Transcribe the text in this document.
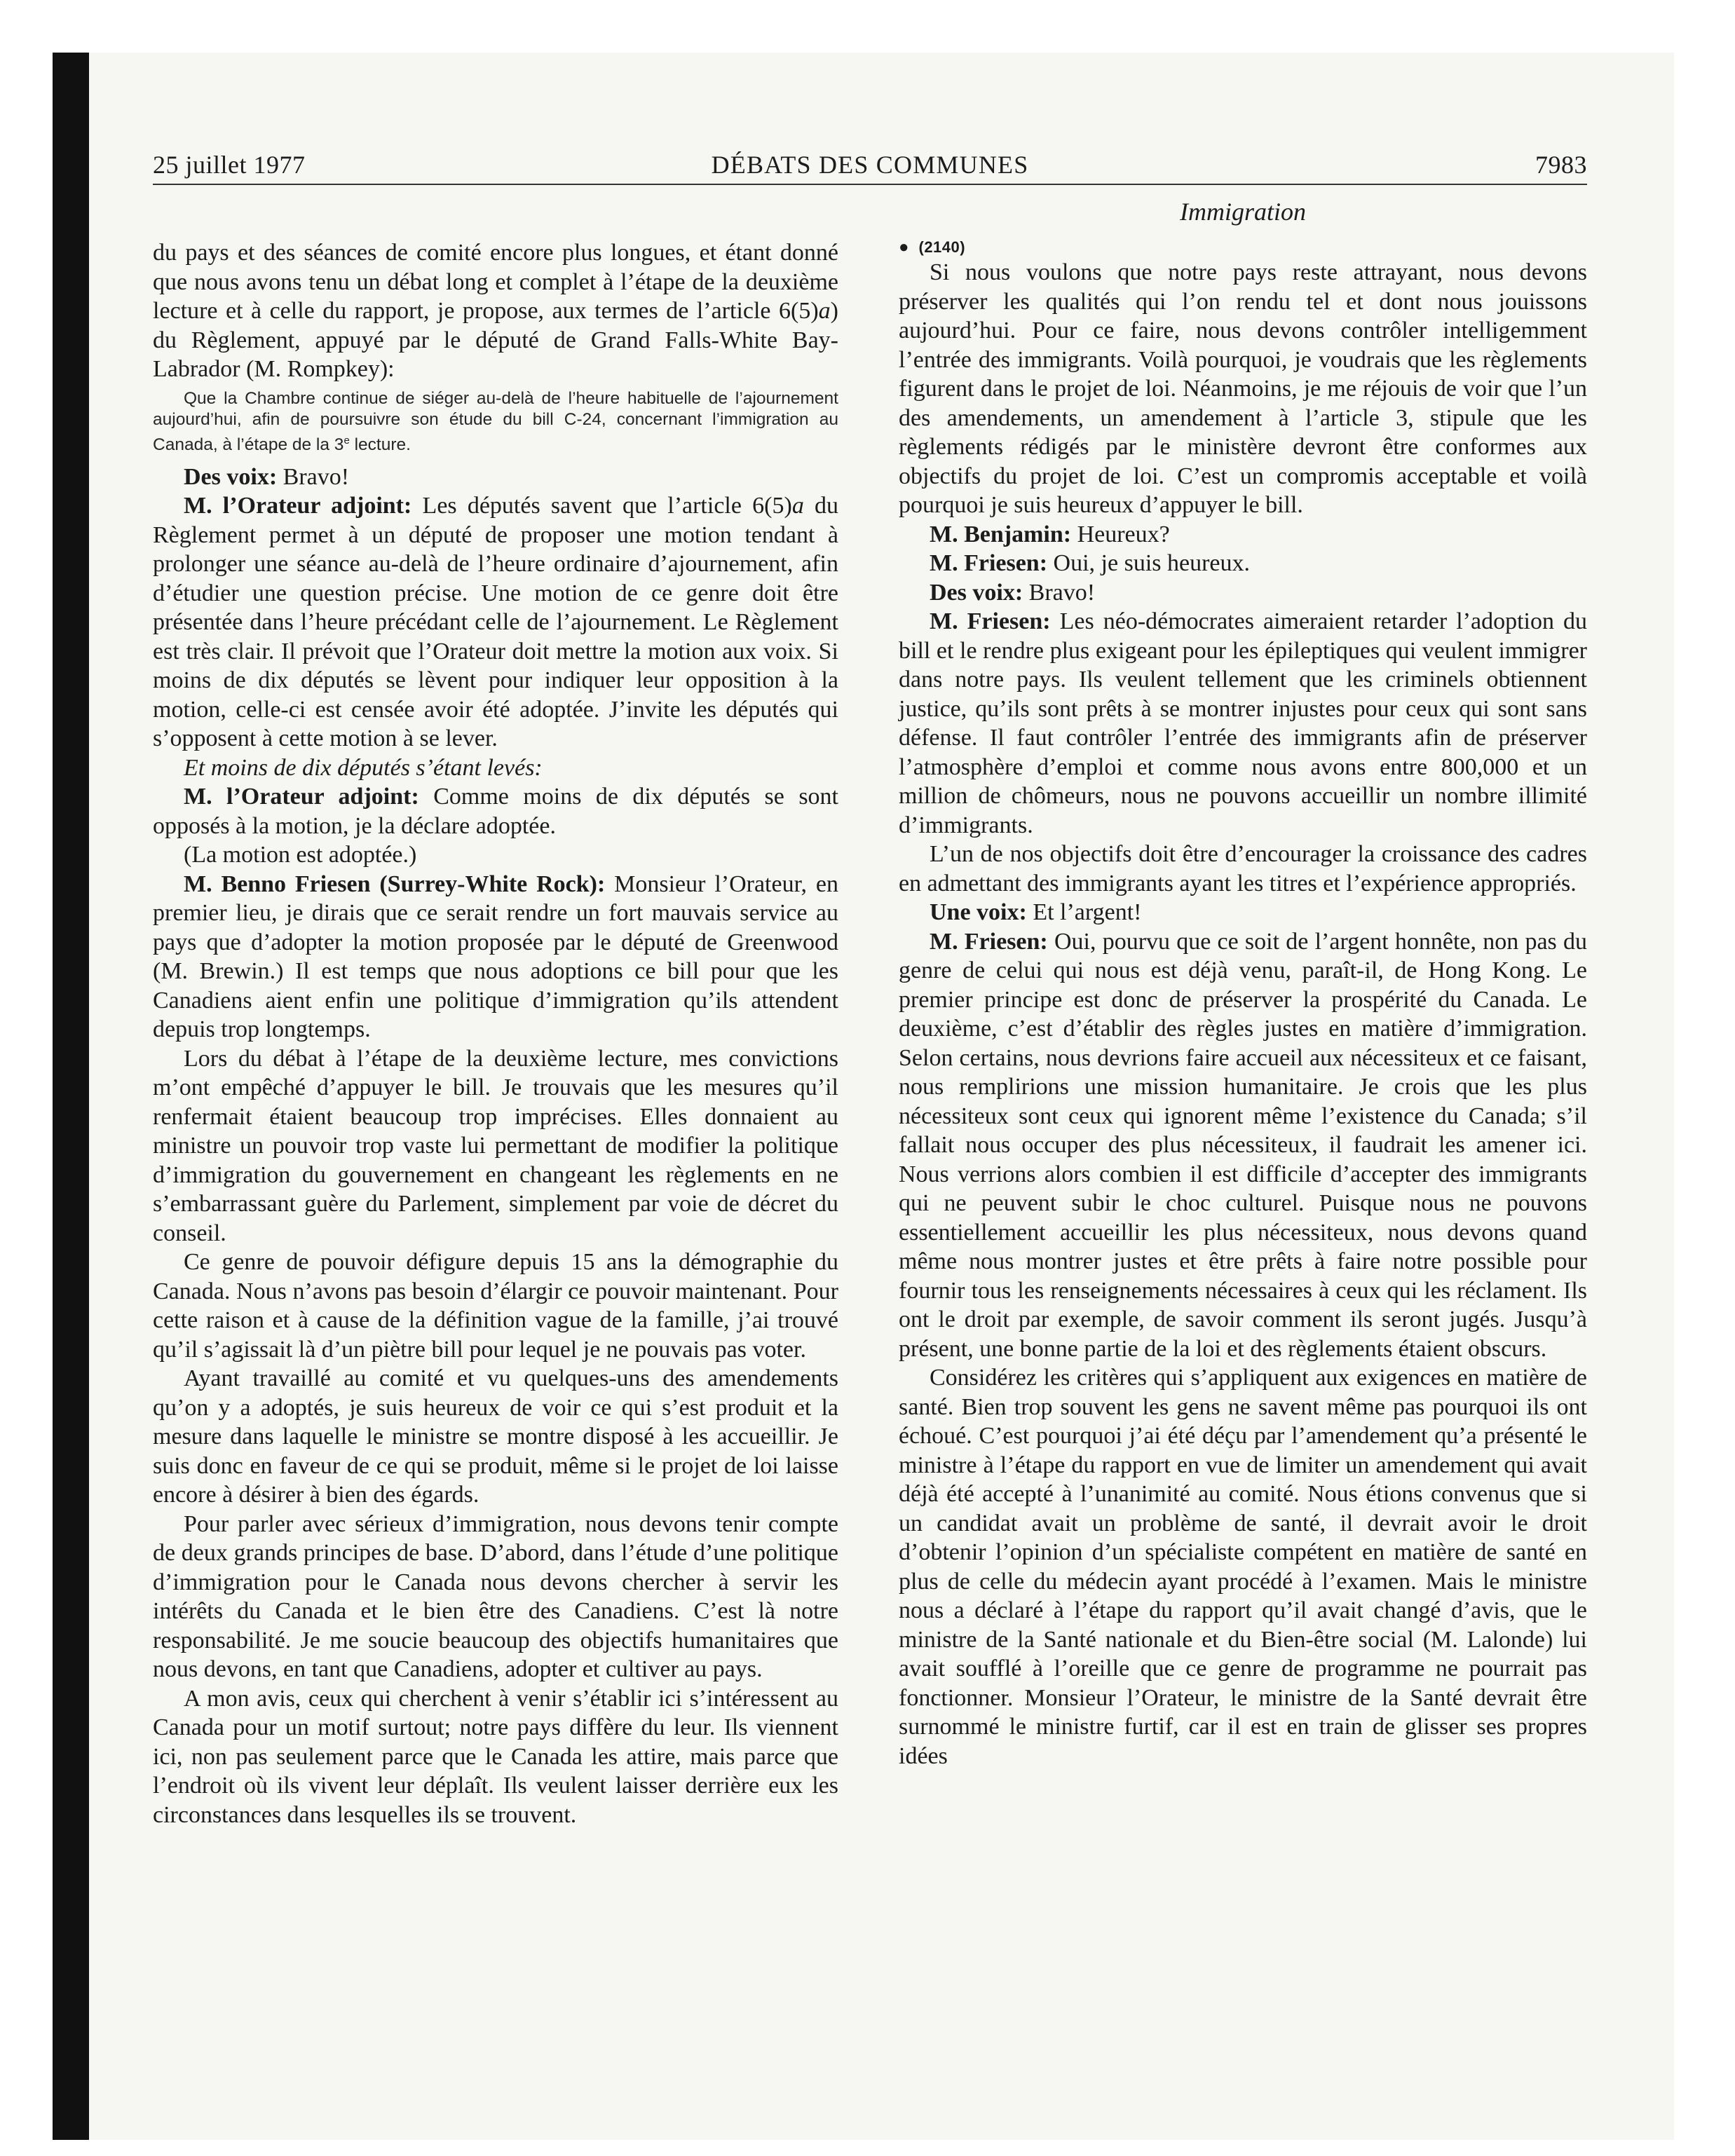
25 juillet 1977	DÉBATS DES COMMUNES	7983

du pays et des séances de comité encore plus longues, et étant donné que nous avons tenu un débat long et complet à l’étape de la deuxième lecture et à celle du rapport, je propose, aux termes de l’article 6(5)a) du Règlement, appuyé par le député de Grand Falls-White Bay-Labrador (M. Rompkey):

Que la Chambre continue de siéger au-delà de l’heure habituelle de l’ajournement aujourd’hui, afin de poursuivre son étude du bill C-24, concernant l’immigration au Canada, à l’étape de la 3e lecture.

Des voix: Bravo!

M. l’Orateur adjoint: Les députés savent que l’article 6(5)a du Règlement permet à un député de proposer une motion tendant à prolonger une séance au-delà de l’heure ordinaire d’ajournement, afin d’étudier une question précise. Une motion de ce genre doit être présentée dans l’heure précédant celle de l’ajournement. Le Règlement est très clair. Il prévoit que l’Orateur doit mettre la motion aux voix. Si moins de dix députés se lèvent pour indiquer leur opposition à la motion, celle-ci est censée avoir été adoptée. J’invite les députés qui s’opposent à cette motion à se lever.

Et moins de dix députés s’étant levés:

M. l’Orateur adjoint: Comme moins de dix députés se sont opposés à la motion, je la déclare adoptée.

(La motion est adoptée.)

M. Benno Friesen (Surrey-White Rock): Monsieur l’Orateur, en premier lieu, je dirais que ce serait rendre un fort mauvais service au pays que d’adopter la motion proposée par le député de Greenwood (M. Brewin.) Il est temps que nous adoptions ce bill pour que les Canadiens aient enfin une politique d’immigration qu’ils attendent depuis trop longtemps.

Lors du débat à l’étape de la deuxième lecture, mes convictions m’ont empêché d’appuyer le bill. Je trouvais que les mesures qu’il renfermait étaient beaucoup trop imprécises. Elles donnaient au ministre un pouvoir trop vaste lui permettant de modifier la politique d’immigration du gouvernement en changeant les règlements en ne s’embarrassant guère du Parlement, simplement par voie de décret du conseil.

Ce genre de pouvoir défigure depuis 15 ans la démographie du Canada. Nous n’avons pas besoin d’élargir ce pouvoir maintenant. Pour cette raison et à cause de la définition vague de la famille, j’ai trouvé qu’il s’agissait là d’un piètre bill pour lequel je ne pouvais pas voter.

Ayant travaillé au comité et vu quelques-uns des amendements qu’on y a adoptés, je suis heureux de voir ce qui s’est produit et la mesure dans laquelle le ministre se montre disposé à les accueillir. Je suis donc en faveur de ce qui se produit, même si le projet de loi laisse encore à désirer à bien des égards.

Pour parler avec sérieux d’immigration, nous devons tenir compte de deux grands principes de base. D’abord, dans l’étude d’une politique d’immigration pour le Canada nous devons chercher à servir les intérêts du Canada et le bien être des Canadiens. C’est là notre responsabilité. Je me soucie beaucoup des objectifs humanitaires que nous devons, en tant que Canadiens, adopter et cultiver au pays.

A mon avis, ceux qui cherchent à venir s’établir ici s’intéressent au Canada pour un motif surtout; notre pays diffère du leur. Ils viennent ici, non pas seulement parce que le Canada les attire, mais parce que l’endroit où ils vivent leur déplaît. Ils veulent laisser derrière eux les circonstances dans lesquelles ils se trouvent.

Immigration

● (2140)

Si nous voulons que notre pays reste attrayant, nous devons préserver les qualités qui l’on rendu tel et dont nous jouissons aujourd’hui. Pour ce faire, nous devons contrôler intelligemment l’entrée des immigrants. Voilà pourquoi, je voudrais que les règlements figurent dans le projet de loi. Néanmoins, je me réjouis de voir que l’un des amendements, un amendement à l’article 3, stipule que les règlements rédigés par le ministère devront être conformes aux objectifs du projet de loi. C’est un compromis acceptable et voilà pourquoi je suis heureux d’appuyer le bill.

M. Benjamin: Heureux?

M. Friesen: Oui, je suis heureux.

Des voix: Bravo!

M. Friesen: Les néo-démocrates aimeraient retarder l’adoption du bill et le rendre plus exigeant pour les épileptiques qui veulent immigrer dans notre pays. Ils veulent tellement que les criminels obtiennent justice, qu’ils sont prêts à se montrer injustes pour ceux qui sont sans défense. Il faut contrôler l’entrée des immigrants afin de préserver l’atmosphère d’emploi et comme nous avons entre 800,000 et un million de chômeurs, nous ne pouvons accueillir un nombre illimité d’immigrants.

L’un de nos objectifs doit être d’encourager la croissance des cadres en admettant des immigrants ayant les titres et l’expérience appropriés.

Une voix: Et l’argent!

M. Friesen: Oui, pourvu que ce soit de l’argent honnête, non pas du genre de celui qui nous est déjà venu, paraît-il, de Hong Kong. Le premier principe est donc de préserver la prospérité du Canada. Le deuxième, c’est d’établir des règles justes en matière d’immigration. Selon certains, nous devrions faire accueil aux nécessiteux et ce faisant, nous remplirions une mission humanitaire. Je crois que les plus nécessiteux sont ceux qui ignorent même l’existence du Canada; s’il fallait nous occuper des plus nécessiteux, il faudrait les amener ici. Nous verrions alors combien il est difficile d’accepter des immigrants qui ne peuvent subir le choc culturel. Puisque nous ne pouvons essentiellement accueillir les plus nécessiteux, nous devons quand même nous montrer justes et être prêts à faire notre possible pour fournir tous les renseignements nécessaires à ceux qui les réclament. Ils ont le droit par exemple, de savoir comment ils seront jugés. Jusqu’à présent, une bonne partie de la loi et des règlements étaient obscurs.

Considérez les critères qui s’appliquent aux exigences en matière de santé. Bien trop souvent les gens ne savent même pas pourquoi ils ont échoué. C’est pourquoi j’ai été déçu par l’amendement qu’a présenté le ministre à l’étape du rapport en vue de limiter un amendement qui avait déjà été accepté à l’unanimité au comité. Nous étions convenus que si un candidat avait un problème de santé, il devrait avoir le droit d’obtenir l’opinion d’un spécialiste compétent en matière de santé en plus de celle du médecin ayant procédé à l’examen. Mais le ministre nous a déclaré à l’étape du rapport qu’il avait changé d’avis, que le ministre de la Santé nationale et du Bien-être social (M. Lalonde) lui avait soufflé à l’oreille que ce genre de programme ne pourrait pas fonctionner. Monsieur l’Orateur, le ministre de la Santé devrait être surnommé le ministre furtif, car il est en train de glisser ses propres idées
